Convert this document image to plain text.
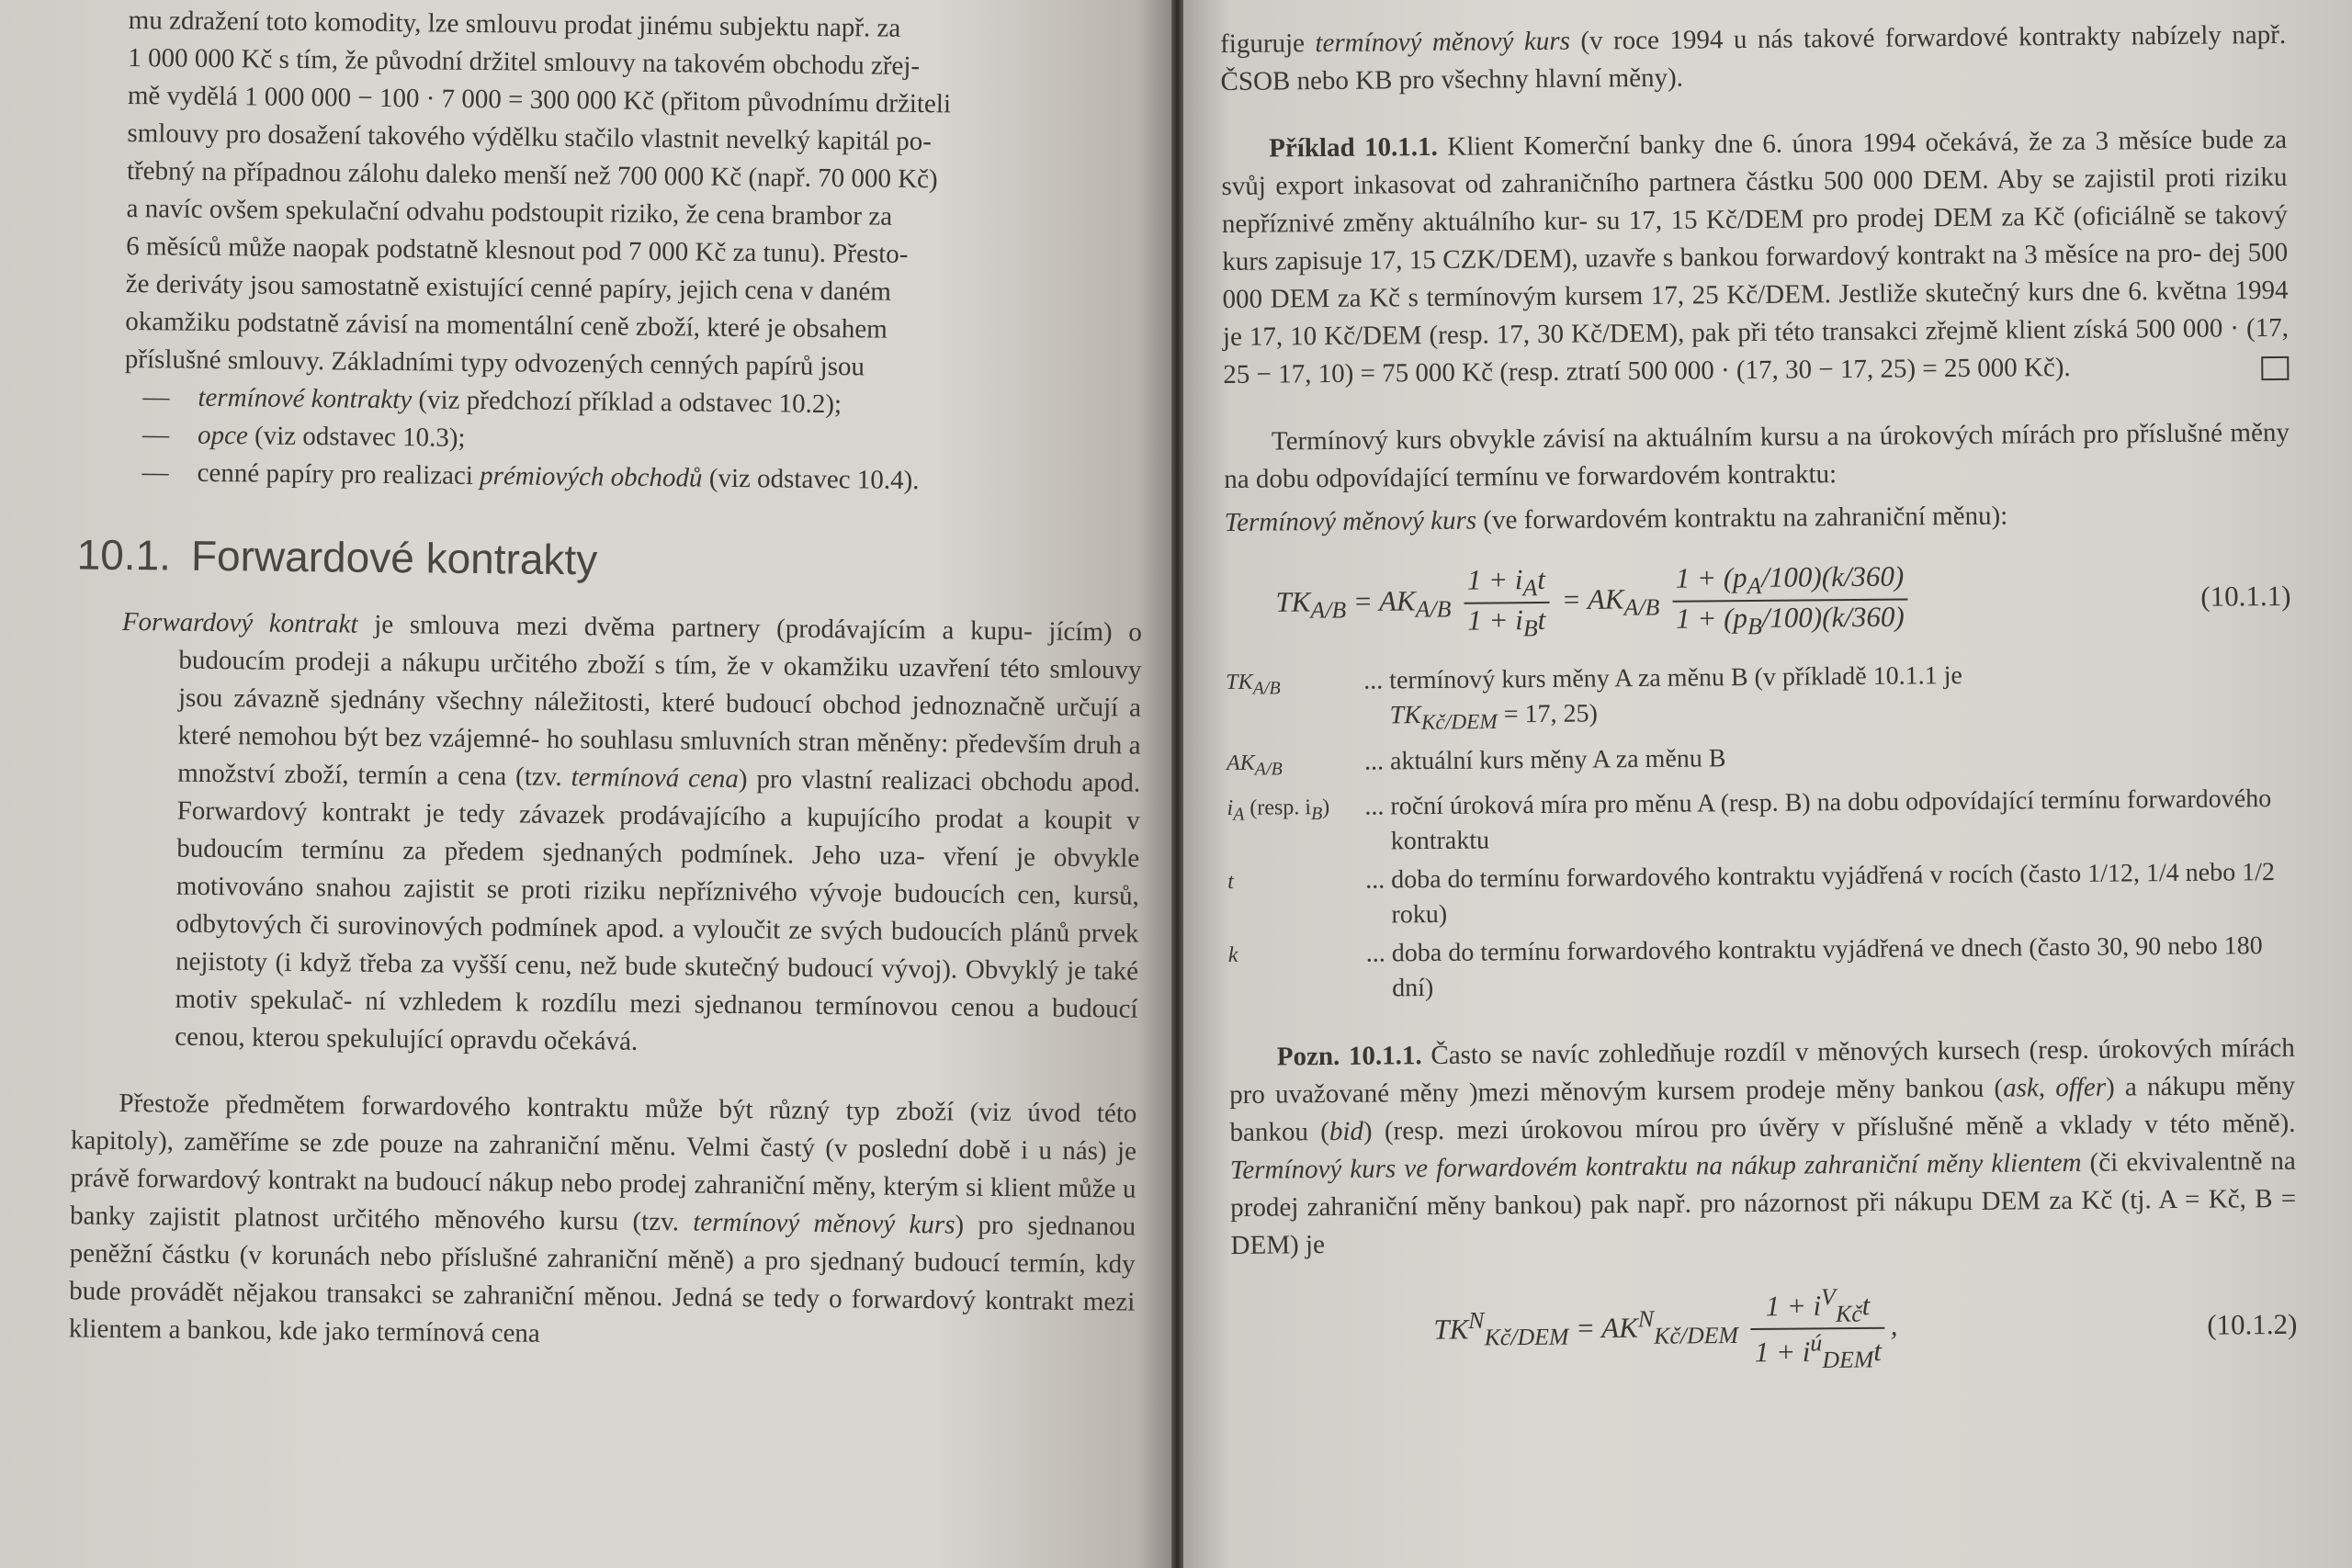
mu zdražení toto komodity, lze smlouvu prodat jinému subjektu např. za

1 000 000 Kč s tím, že původní držitel smlouvy na takovém obchodu zřej-

mě vydělá 1 000 000 − 100 · 7 000 = 300 000 Kč (přitom původnímu držiteli

smlouvy pro dosažení takového výdělku stačilo vlastnit nevelký kapitál po-

třebný na případnou zálohu daleko menší než 700 000 Kč (např. 70 000 Kč)

a navíc ovšem spekulační odvahu podstoupit riziko, že cena brambor za

6 měsíců může naopak podstatně klesnout pod 7 000 Kč za tunu). Přesto-

že deriváty jsou samostatně existující cenné papíry, jejich cena v daném

okamžiku podstatně závisí na momentální ceně zboží, které je obsahem

příslušné smlouvy. Základními typy odvozených cenných papírů jsou

— termínové kontrakty (viz předchozí příklad a odstavec 10.2);
— opce (viz odstavec 10.3);
— cenné papíry pro realizaci prémiových obchodů (viz odstavec 10.4).
10.1. Forwardové kontrakty

Forwardový kontrakt je smlouva mezi dvěma partnery (prodávajícím a kupu- jícím) o budoucím prodeji a nákupu určitého zboží s tím, že v okamžiku uzavření této smlouvy jsou závazně sjednány všechny náležitosti, které budoucí obchod jednoznačně určují a které nemohou být bez vzájemné- ho souhlasu smluvních stran měněny: především druh a množství zboží, termín a cena (tzv. termínová cena) pro vlastní realizaci obchodu apod. Forwardový kontrakt je tedy závazek prodávajícího a kupujícího prodat a koupit v budoucím termínu za předem sjednaných podmínek. Jeho uza- vření je obvykle motivováno snahou zajistit se proti riziku nepříznivého vývoje budoucích cen, kursů, odbytových či surovinových podmínek apod. a vyloučit ze svých budoucích plánů prvek nejistoty (i když třeba za vyšší cenu, než bude skutečný budoucí vývoj). Obvyklý je také motiv spekulač- ní vzhledem k rozdílu mezi sjednanou termínovou cenou a budoucí cenou, kterou spekulující opravdu očekává.

Přestože předmětem forwardového kontraktu může být různý typ zboží (viz úvod této kapitoly), zaměříme se zde pouze na zahraniční měnu. Velmi častý (v poslední době i u nás) je právě forwardový kontrakt na budoucí nákup nebo prodej zahraniční měny, kterým si klient může u banky zajistit platnost určitého měnového kursu (tzv. termínový měnový kurs) pro sjednanou peněžní částku (v korunách nebo příslušné zahraniční měně) a pro sjednaný budoucí termín, kdy bude provádět nějakou transakci se zahraniční měnou. Jedná se tedy o forwardový kontrakt mezi klientem a bankou, kde jako termínová cena

figuruje termínový měnový kurs (v roce 1994 u nás takové forwardové kontrakty nabízely např. ČSOB nebo KB pro všechny hlavní měny).

Příklad 10.1.1. Klient Komerční banky dne 6. února 1994 očekává, že za 3 měsíce bude za svůj export inkasovat od zahraničního partnera částku 500 000 DEM. Aby se zajistil proti riziku nepříznivé změny aktuálního kur- su 17, 15 Kč/DEM pro prodej DEM za Kč (oficiálně se takový kurs zapisuje 17, 15 CZK/DEM), uzavře s bankou forwardový kontrakt na 3 měsíce na pro- dej 500 000 DEM za Kč s termínovým kursem 17, 25 Kč/DEM. Jestliže skutečný kurs dne 6. května 1994 je 17, 10 Kč/DEM (resp. 17, 30 Kč/DEM), pak při této transakci zřejmě klient získá 500 000 · (17, 25 − 17, 10) = 75 000 Kč (resp. ztratí 500 000 · (17, 30 − 17, 25) = 25 000 Kč).

Termínový kurs obvykle závisí na aktuálním kursu a na úrokových mírách pro příslušné měny na dobu odpovídající termínu ve forwardovém kontraktu:

Termínový měnový kurs (ve forwardovém kontraktu na zahraniční měnu):

$TK_{A/B} = AK_{A/B} \frac{1 + i_At}{1 + i_Bt} = AK_{A/B} \frac{1 + (p_A/100)(k/360)}{1 + (p_B/100)(k/360)}$	(10.1.1)
$TK_{A/B}$	...	termínový kurs měny A za měnu B (v příkladě 10.1.1 je
$TK_{Kč/DEM} = 17$, 25)
$AK_{A/B}$	...	aktuální kurs měny A za měnu B
$i_A$ (resp. $i_B$)	...	roční úroková míra pro měnu A (resp. B) na dobu odpovídající termínu forwardového kontraktu
t	...	doba do termínu forwardového kontraktu vyjádřená v rocích (často 1/12, 1/4 nebo 1/2 roku)
k	...	doba do termínu forwardového kontraktu vyjádřená ve dnech (často 30, 90 nebo 180 dní)

Pozn. 10.1.1. Často se navíc zohledňuje rozdíl v měnových kursech (resp. úrokových mírách pro uvažované měny )mezi měnovým kursem prodeje měny bankou (ask, offer) a nákupu měny bankou (bid) (resp. mezi úrokovou mírou pro úvěry v příslušné měně a vklady v této měně). Termínový kurs ve forwardovém kontraktu na nákup zahraniční měny klientem (či ekvivalentně na prodej zahraniční měny bankou) pak např. pro názornost při nákupu DEM za Kč (tj. A = Kč, B = DEM) je

$TK^N_{Kč/DEM} = AK^N_{Kč/DEM} \frac{1 + i^V_{Kč}t}{1 + i^ú_{DEM}t}$ ,	(10.1.2)
